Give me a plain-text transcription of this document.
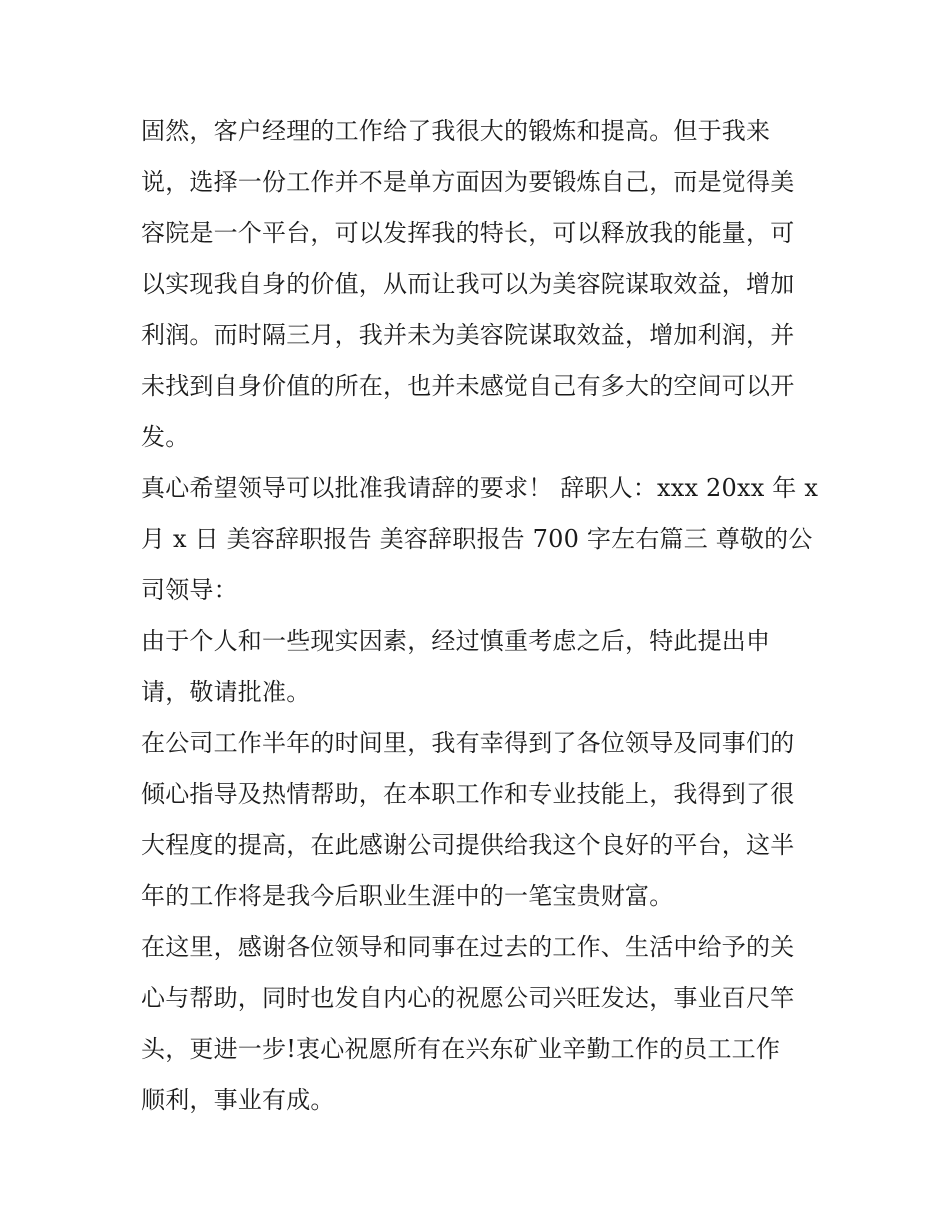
固然，客户经理的工作给了我很大的锻炼和提高。但于我来
说，选择一份工作并不是单方面因为要锻炼自己，而是觉得美
容院是一个平台，可以发挥我的特长，可以释放我的能量，可
以实现我自身的价值，从而让我可以为美容院谋取效益，增加
利润。而时隔三月，我并未为美容院谋取效益，增加利润，并
未找到自身价值的所在，也并未感觉自己有多大的空间可以开
发。

真心希望领导可以批准我请辞的要求！ 辞职人：xxx 20xx 年 x
月 x 日 美容辞职报告 美容辞职报告 700 字左右篇三 尊敬的公
司领导：

由于个人和一些现实因素，经过慎重考虑之后，特此提出申
请，敬请批准。

在公司工作半年的时间里，我有幸得到了各位领导及同事们的
倾心指导及热情帮助，在本职工作和专业技能上，我得到了很
大程度的提高，在此感谢公司提供给我这个良好的平台，这半
年的工作将是我今后职业生涯中的一笔宝贵财富。

在这里，感谢各位领导和同事在过去的工作、生活中给予的关
心与帮助，同时也发自内心的祝愿公司兴旺发达，事业百尺竿
头，更进一步!衷心祝愿所有在兴东矿业辛勤工作的员工工作
顺利，事业有成。
